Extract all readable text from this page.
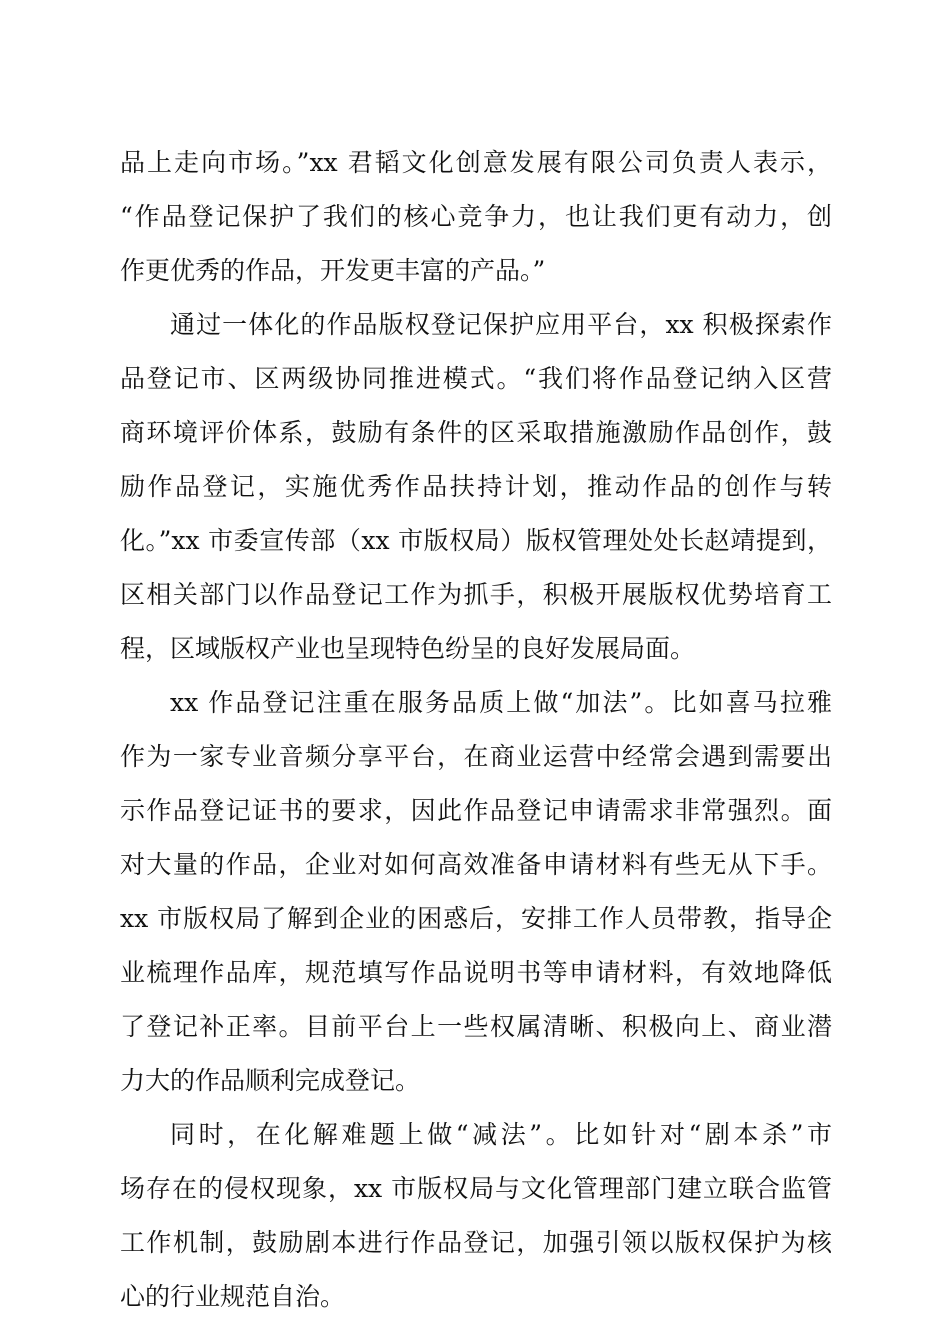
品上走向市场。”xx 君韬文化创意发展有限公司负责人表示，
“作品登记保护了我们的核心竞争力，也让我们更有动力，创
作更优秀的作品，开发更丰富的产品。”
通过一体化的作品版权登记保护应用平台，xx 积极探索作
品登记市、区两级协同推进模式。“我们将作品登记纳入区营
商环境评价体系，鼓励有条件的区采取措施激励作品创作，鼓
励作品登记，实施优秀作品扶持计划，推动作品的创作与转
化。”xx 市委宣传部（xx 市版权局）版权管理处处长赵靖提到，
区相关部门以作品登记工作为抓手，积极开展版权优势培育工
程，区域版权产业也呈现特色纷呈的良好发展局面。
xx 作品登记注重在服务品质上做“加法”。比如喜马拉雅
作为一家专业音频分享平台，在商业运营中经常会遇到需要出
示作品登记证书的要求，因此作品登记申请需求非常强烈。面
对大量的作品，企业对如何高效准备申请材料有些无从下手。
xx 市版权局了解到企业的困惑后，安排工作人员带教，指导企
业梳理作品库，规范填写作品说明书等申请材料，有效地降低
了登记补正率。目前平台上一些权属清晰、积极向上、商业潜
力大的作品顺利完成登记。
同时，在化解难题上做“减法”。比如针对“剧本杀”市
场存在的侵权现象，xx 市版权局与文化管理部门建立联合监管
工作机制，鼓励剧本进行作品登记，加强引领以版权保护为核
心的行业规范自治。
